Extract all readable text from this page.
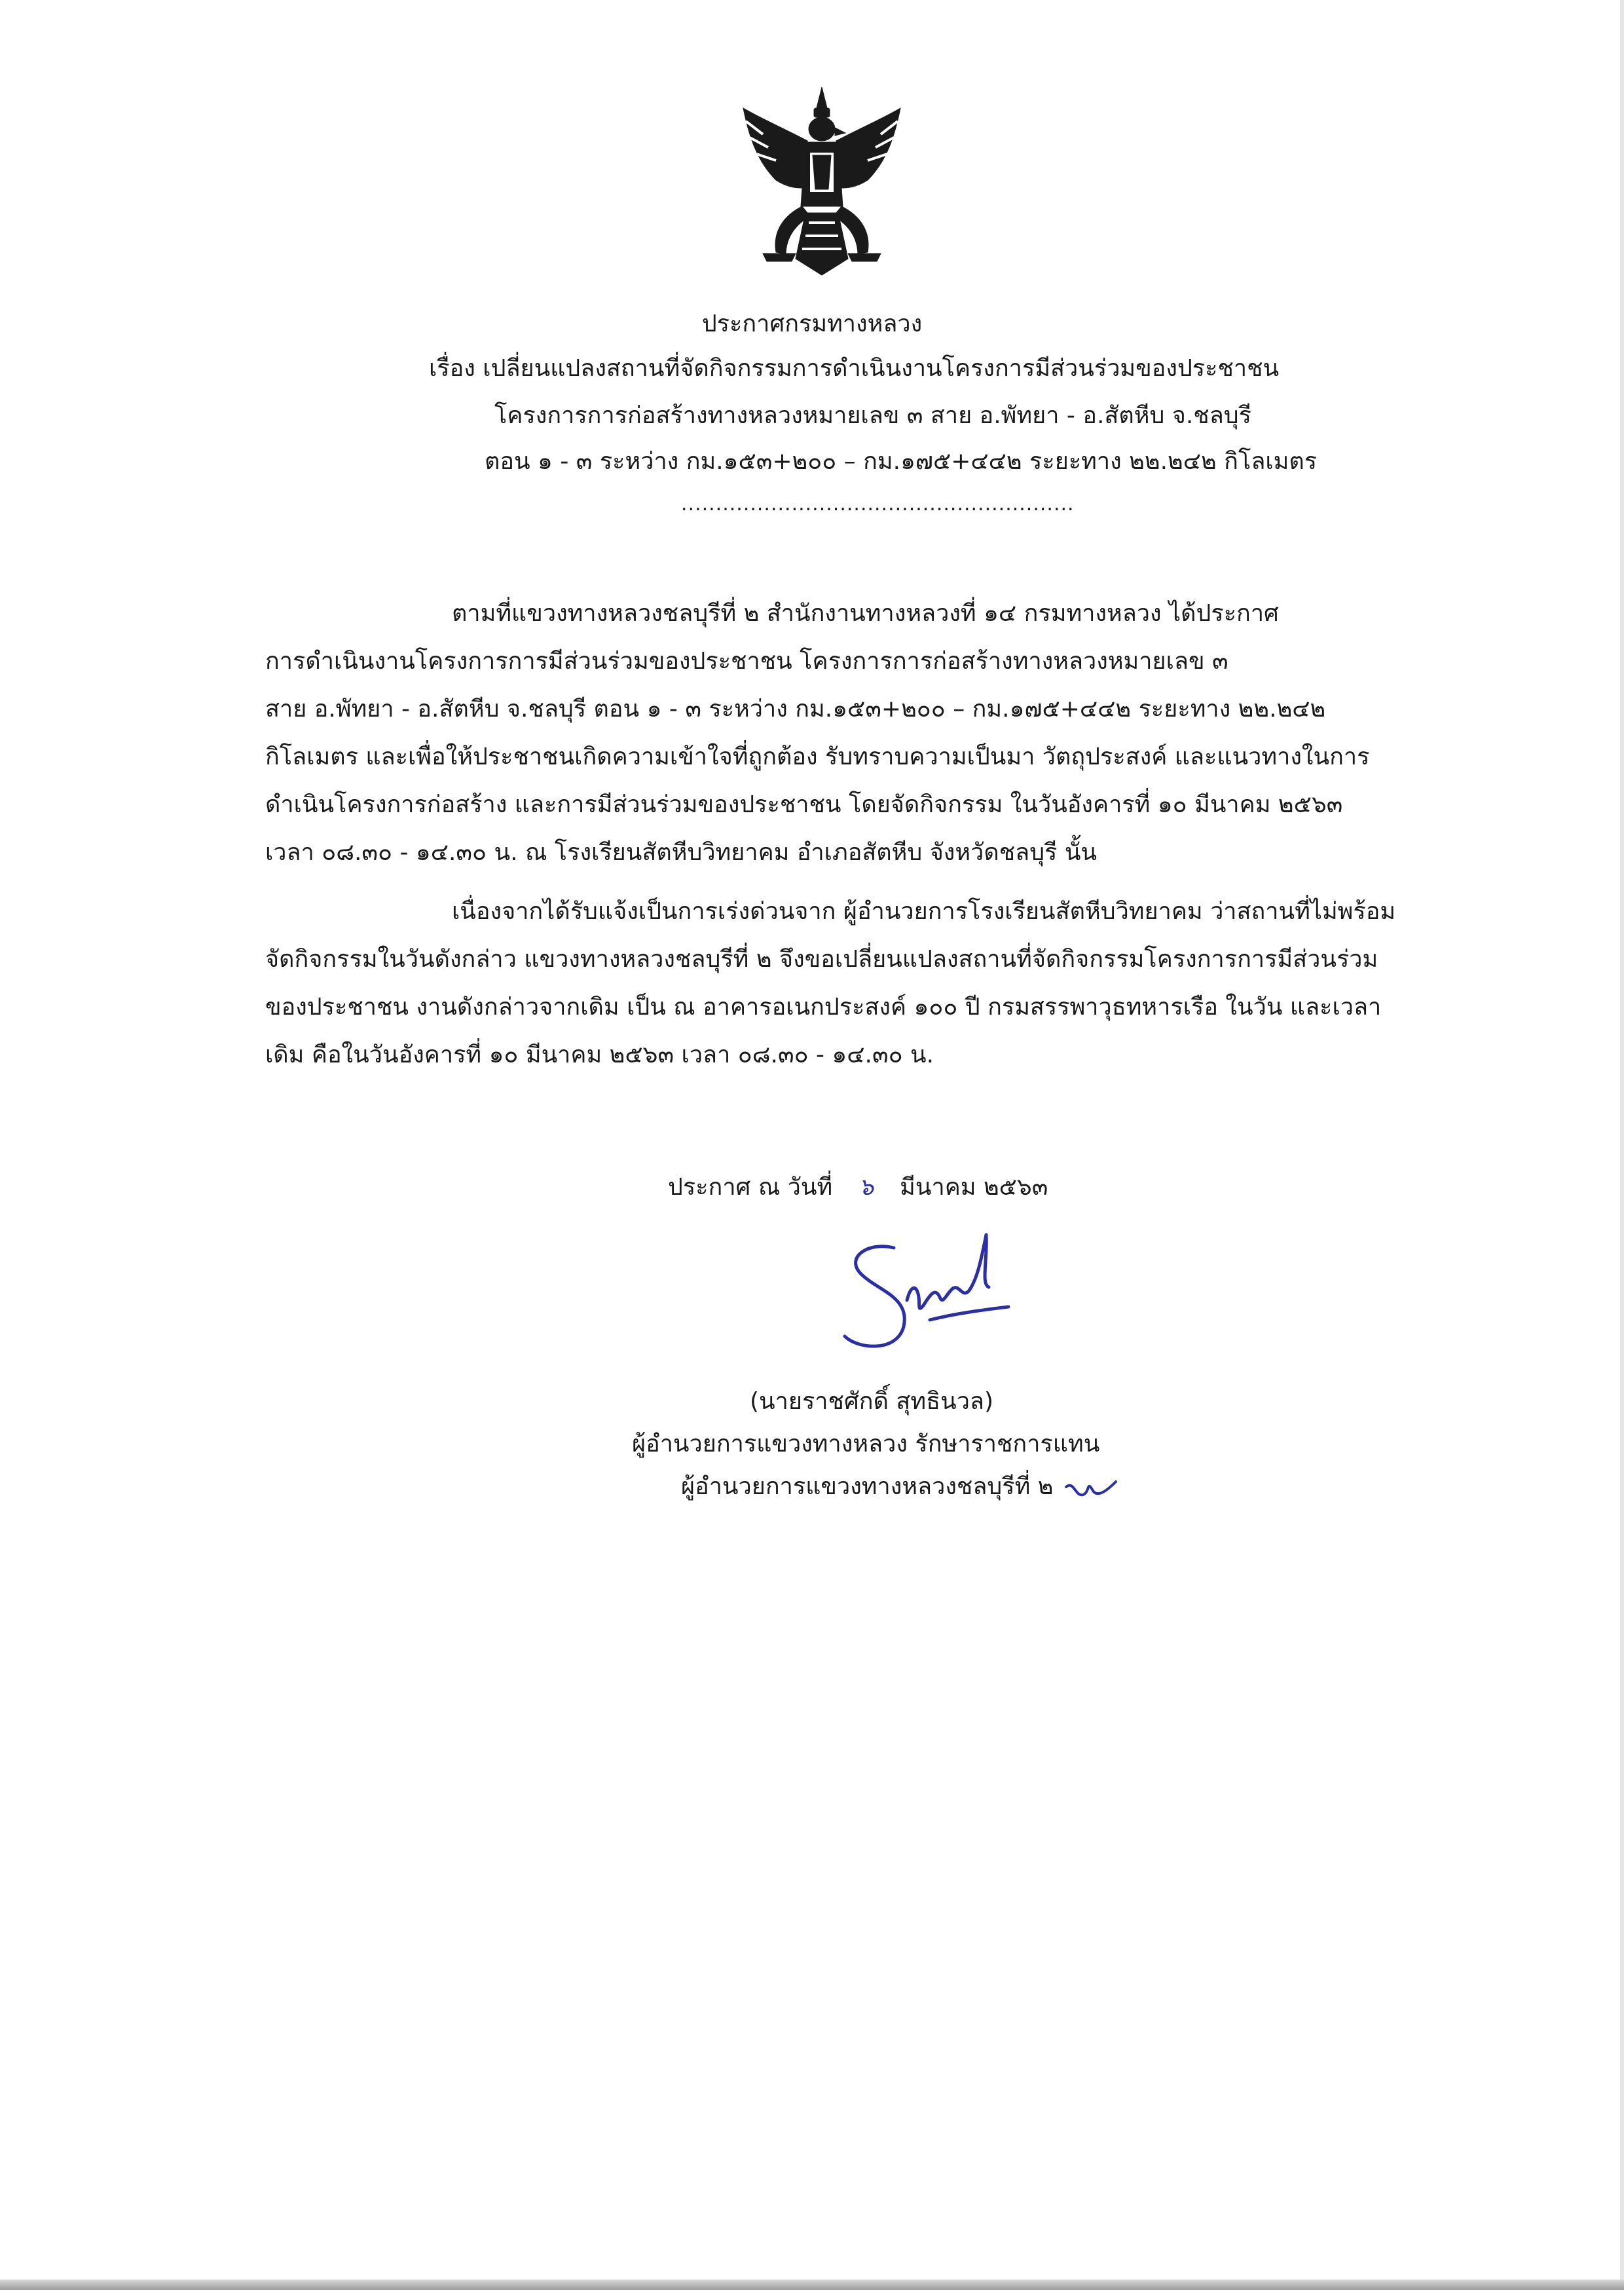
ประกาศกรมทางหลวง
เรื่อง เปลี่ยนแปลงสถานที่จัดกิจกรรมการดำเนินงานโครงการมีส่วนร่วมของประชาชน
โครงการการก่อสร้างทางหลวงหมายเลข ๓ สาย อ.พัทยา - อ.สัตหีบ จ.ชลบุรี
ตอน ๑ - ๓ ระหว่าง กม.๑๕๓+๒๐๐ – กม.๑๗๕+๔๔๒ ระยะทาง ๒๒.๒๔๒ กิโลเมตร
.........................................................
ตามที่แขวงทางหลวงชลบุรีที่ ๒ สำนักงานทางหลวงที่ ๑๔ กรมทางหลวง ได้ประกาศ
การดำเนินงานโครงการการมีส่วนร่วมของประชาชน โครงการการก่อสร้างทางหลวงหมายเลข ๓
สาย อ.พัทยา - อ.สัตหีบ จ.ชลบุรี ตอน ๑ - ๓ ระหว่าง กม.๑๕๓+๒๐๐ – กม.๑๗๕+๔๔๒ ระยะทาง ๒๒.๒๔๒
กิโลเมตร และเพื่อให้ประชาชนเกิดความเข้าใจที่ถูกต้อง รับทราบความเป็นมา วัตถุประสงค์ และแนวทางในการ
ดำเนินโครงการก่อสร้าง และการมีส่วนร่วมของประชาชน โดยจัดกิจกรรม ในวันอังคารที่ ๑๐ มีนาคม ๒๕๖๓
เวลา ๐๘.๓๐ - ๑๔.๓๐ น. ณ โรงเรียนสัตหีบวิทยาคม อำเภอสัตหีบ จังหวัดชลบุรี นั้น
เนื่องจากได้รับแจ้งเป็นการเร่งด่วนจาก ผู้อำนวยการโรงเรียนสัตหีบวิทยาคม ว่าสถานที่ไม่พร้อม
จัดกิจกรรมในวันดังกล่าว แขวงทางหลวงชลบุรีที่ ๒ จึงขอเปลี่ยนแปลงสถานที่จัดกิจกรรมโครงการการมีส่วนร่วม
ของประชาชน งานดังกล่าวจากเดิม เป็น ณ อาคารอเนกประสงค์ ๑๐๐ ปี กรมสรรพาวุธทหารเรือ ในวัน และเวลา
เดิม คือในวันอังคารที่ ๑๐ มีนาคม ๒๕๖๓ เวลา ๐๘.๓๐ - ๑๔.๓๐ น.
ประกาศ ณ วันที่ ๖ มีนาคม ๒๕๖๓
(นายราชศักดิ์ สุทธินวล)
ผู้อำนวยการแขวงทางหลวง รักษาราชการแทน
ผู้อำนวยการแขวงทางหลวงชลบุรีที่ ๒
